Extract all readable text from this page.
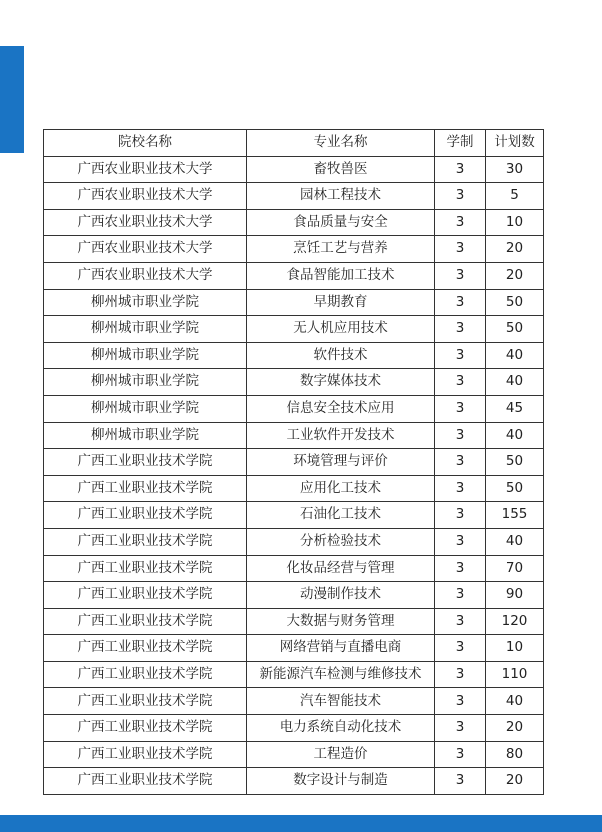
院校名称	专业名称	学制	计划数
广西农业职业技术大学	畜牧兽医	3	30
广西农业职业技术大学	园林工程技术	3	5
广西农业职业技术大学	食品质量与安全	3	10
广西农业职业技术大学	烹饪工艺与营养	3	20
广西农业职业技术大学	食品智能加工技术	3	20
柳州城市职业学院	早期教育	3	50
柳州城市职业学院	无人机应用技术	3	50
柳州城市职业学院	软件技术	3	40
柳州城市职业学院	数字媒体技术	3	40
柳州城市职业学院	信息安全技术应用	3	45
柳州城市职业学院	工业软件开发技术	3	40
广西工业职业技术学院	环境管理与评价	3	50
广西工业职业技术学院	应用化工技术	3	50
广西工业职业技术学院	石油化工技术	3	155
广西工业职业技术学院	分析检验技术	3	40
广西工业职业技术学院	化妆品经营与管理	3	70
广西工业职业技术学院	动漫制作技术	3	90
广西工业职业技术学院	大数据与财务管理	3	120
广西工业职业技术学院	网络营销与直播电商	3	10
广西工业职业技术学院	新能源汽车检测与维修技术	3	110
广西工业职业技术学院	汽车智能技术	3	40
广西工业职业技术学院	电力系统自动化技术	3	20
广西工业职业技术学院	工程造价	3	80
广西工业职业技术学院	数字设计与制造	3	20
